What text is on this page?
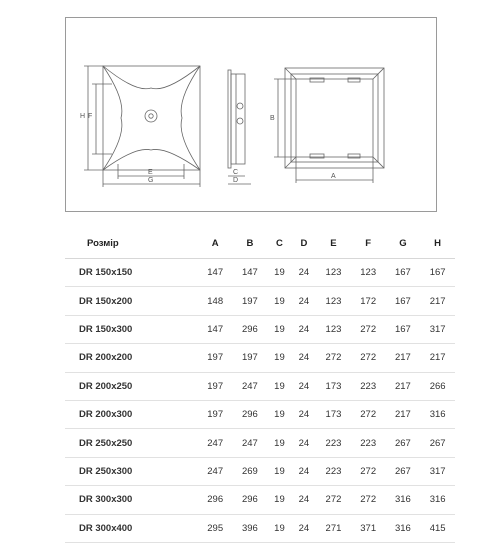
H F
E
G
C
D
B
A
Розмір	A	B	C	D	E	F	G	H
DR 150x150	147	147	19	24	123	123	167	167
DR 150x200	148	197	19	24	123	172	167	217
DR 150x300	147	296	19	24	123	272	167	317
DR 200x200	197	197	19	24	272	272	217	217
DR 200x250	197	247	19	24	173	223	217	266
DR 200x300	197	296	19	24	173	272	217	316
DR 250x250	247	247	19	24	223	223	267	267
DR 250x300	247	269	19	24	223	272	267	317
DR 300x300	296	296	19	24	272	272	316	316
DR 300x400	295	396	19	24	271	371	316	415
